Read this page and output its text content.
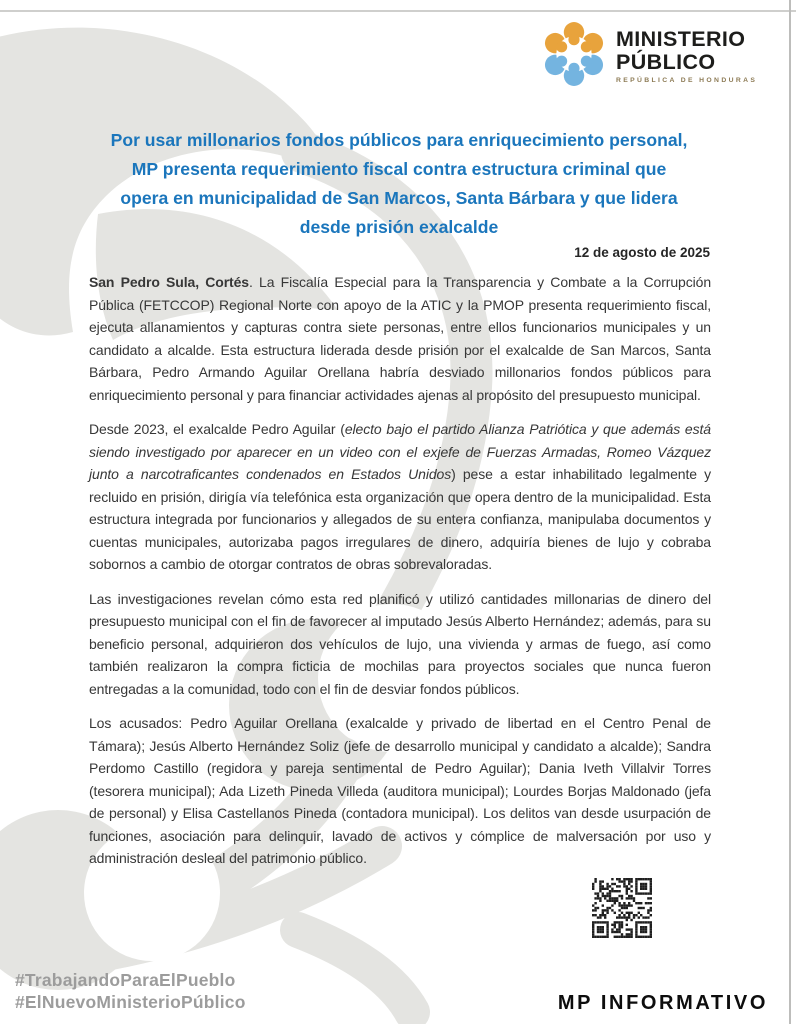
MINISTERIO
PÚBLICO
REPÚBLICA DE HONDURAS
Por usar millonarios fondos públicos para enriquecimiento personal,
MP presenta requerimiento fiscal contra estructura criminal que
opera en municipalidad de San Marcos, Santa Bárbara y que lidera
desde prisión exalcalde
12 de agosto de 2025

San Pedro Sula, Cortés. La Fiscalía Especial para la Transparencia y Combate a la Corrupción Pública (FETCCOP) Regional Norte con apoyo de la ATIC y la PMOP presenta requerimiento fiscal, ejecuta allanamientos y capturas contra siete personas, entre ellos funcionarios municipales y un candidato a alcalde. Esta estructura liderada desde prisión por el exalcalde de San Marcos, Santa Bárbara, Pedro Armando Aguilar Orellana habría desviado millonarios fondos públicos para enriquecimiento personal y para financiar actividades ajenas al propósito del presupuesto municipal.

Desde 2023, el exalcalde Pedro Aguilar (electo bajo el partido Alianza Patriótica y que además está siendo investigado por aparecer en un video con el exjefe de Fuerzas Armadas, Romeo Vázquez junto a narcotraficantes condenados en Estados Unidos) pese a estar inhabilitado legalmente y recluido en prisión, dirigía vía telefónica esta organización que opera dentro de la municipalidad. Esta estructura integrada por funcionarios y allegados de su entera confianza, manipulaba documentos y cuentas municipales, autorizaba pagos irregulares de dinero, adquiría bienes de lujo y cobraba sobornos a cambio de otorgar contratos de obras sobrevaloradas.

Las investigaciones revelan cómo esta red planificó y utilizó cantidades millonarias de dinero del presupuesto municipal con el fin de favorecer al imputado Jesús Alberto Hernández; además, para su beneficio personal, adquirieron dos vehículos de lujo, una vivienda y armas de fuego, así como también realizaron la compra ficticia de mochilas para proyectos sociales que nunca fueron entregadas a la comunidad, todo con el fin de desviar fondos públicos.

Los acusados: Pedro Aguilar Orellana (exalcalde y privado de libertad en el Centro Penal de Támara); Jesús Alberto Hernández Soliz (jefe de desarrollo municipal y candidato a alcalde); Sandra Perdomo Castillo (regidora y pareja sentimental de Pedro Aguilar); Dania Iveth Villalvir Torres (tesorera municipal); Ada Lizeth Pineda Villeda (auditora municipal); Lourdes Borjas Maldonado (jefa de personal) y Elisa Castellanos Pineda (contadora municipal). Los delitos van desde usurpación de funciones, asociación para delinquir, lavado de activos y cómplice de malversación por uso y administración desleal del patrimonio público.

#TrabajandoParaElPueblo
#ElNuevoMinisterioPúblico	MP INFORMATIVO
